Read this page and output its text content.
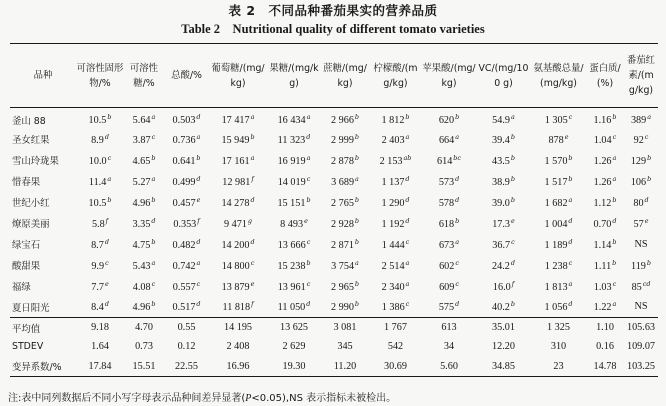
表 2　不同品种番茄果实的营养品质
Table 2　Nutritional quality of different tomato varieties
品种	可溶性固形物/%	可溶性糖/%	总酸/%	葡萄糖/(mg/kg)	果糖/(mg/kg)	蔗糖/(mg/kg)	柠檬酸/(mg/kg)	苹果酸/(mg/kg)	VC/(mg/100 g)	氨基酸总量/(mg/kg)	蛋白质/(%)	番茄红素/(mg/kg)
釜山 88	10.5$^b$	5.64$^a$	0.503$^d$	17 417$^a$	16 434$^a$	2 966$^b$	1 812$^b$	620$^b$	54.9$^a$	1 305$^c$	1.16$^b$	389$^a$
圣女红果	8.9$^d$	3.87$^c$	0.736$^a$	15 949$^b$	11 323$^d$	2 999$^b$	2 403$^a$	664$^a$	39.4$^b$	878e	1.04$^c$	92$^c$
雪山玲珑果	10.0$^c$	4.65$^b$	0.641$^b$	17 161$^a$	16 919$^a$	2 878$^b$	2 $153^{ab}$	$614^{bc}$	43.5$^b$	1 570$^b$	1.26$^a$	129$^b$
惜春果	11.4$^a$	5.27$^a$	0.499$^d$	12 981$^f$	14 019$^c$	3 689$^a$	1 137$^d$	573$^d$	38.9$^b$	1 517$^b$	1.26$^a$	106$^b$
世纪小红	10.5$^b$	4.96$^b$	0.457e	14 278$^d$	15 151$^b$	2 765$^b$	1 290$^d$	578$^d$	39.0$^b$	1 682$^a$	1.12$^b$	80$^d$
燎原美丽	5.8$^f$	3.35$^d$	0.353$^f$	9 471$^g$	8 493e	2 928$^b$	1 192$^d$	618$^b$	17.3e	1 004$^d$	0.70$^d$	57e
绿宝石	8.7$^d$	4.75$^b$	0.482$^d$	14 200$^d$	13 666$^c$	2 871$^b$	1 444$^c$	673$^a$	36.7$^c$	1 189$^d$	1.14$^b$	NS
酸甜果	9.9$^c$	5.43$^a$	0.742$^a$	14 800$^c$	15 238$^b$	3 754$^a$	2 514$^a$	602$^c$	24.2$^d$	1 238$^c$	1.11$^b$	119$^b$
福绿	7.7e	4.08$^c$	0.557$^c$	13 879e	13 961$^c$	2 965$^b$	2 340$^a$	609$^c$	16.0$^f$	1 813$^a$	1.03$^c$	$85^{cd}$
夏日阳光	8.4$^d$	4.96$^b$	0.517$^d$	11 818$^f$	11 050$^d$	2 990$^b$	1 386$^c$	575$^d$	40.2$^b$	1 056$^d$	1.22$^a$	NS
平均值	9.18	4.70	0.55	14 195	13 625	3 081	1 767	613	35.01	1 325	1.10	105.63
STDEV	1.64	0.73	0.12	2 408	2 629	345	542	34	12.20	310	0.16	109.07
变异系数/%	17.84	15.51	22.55	16.96	19.30	11.20	30.69	5.60	34.85	23	14.78	103.25
注:表中同列数据后不同小写字母表示品种间差异显著(P<0.05),NS 表示指标未被检出。
